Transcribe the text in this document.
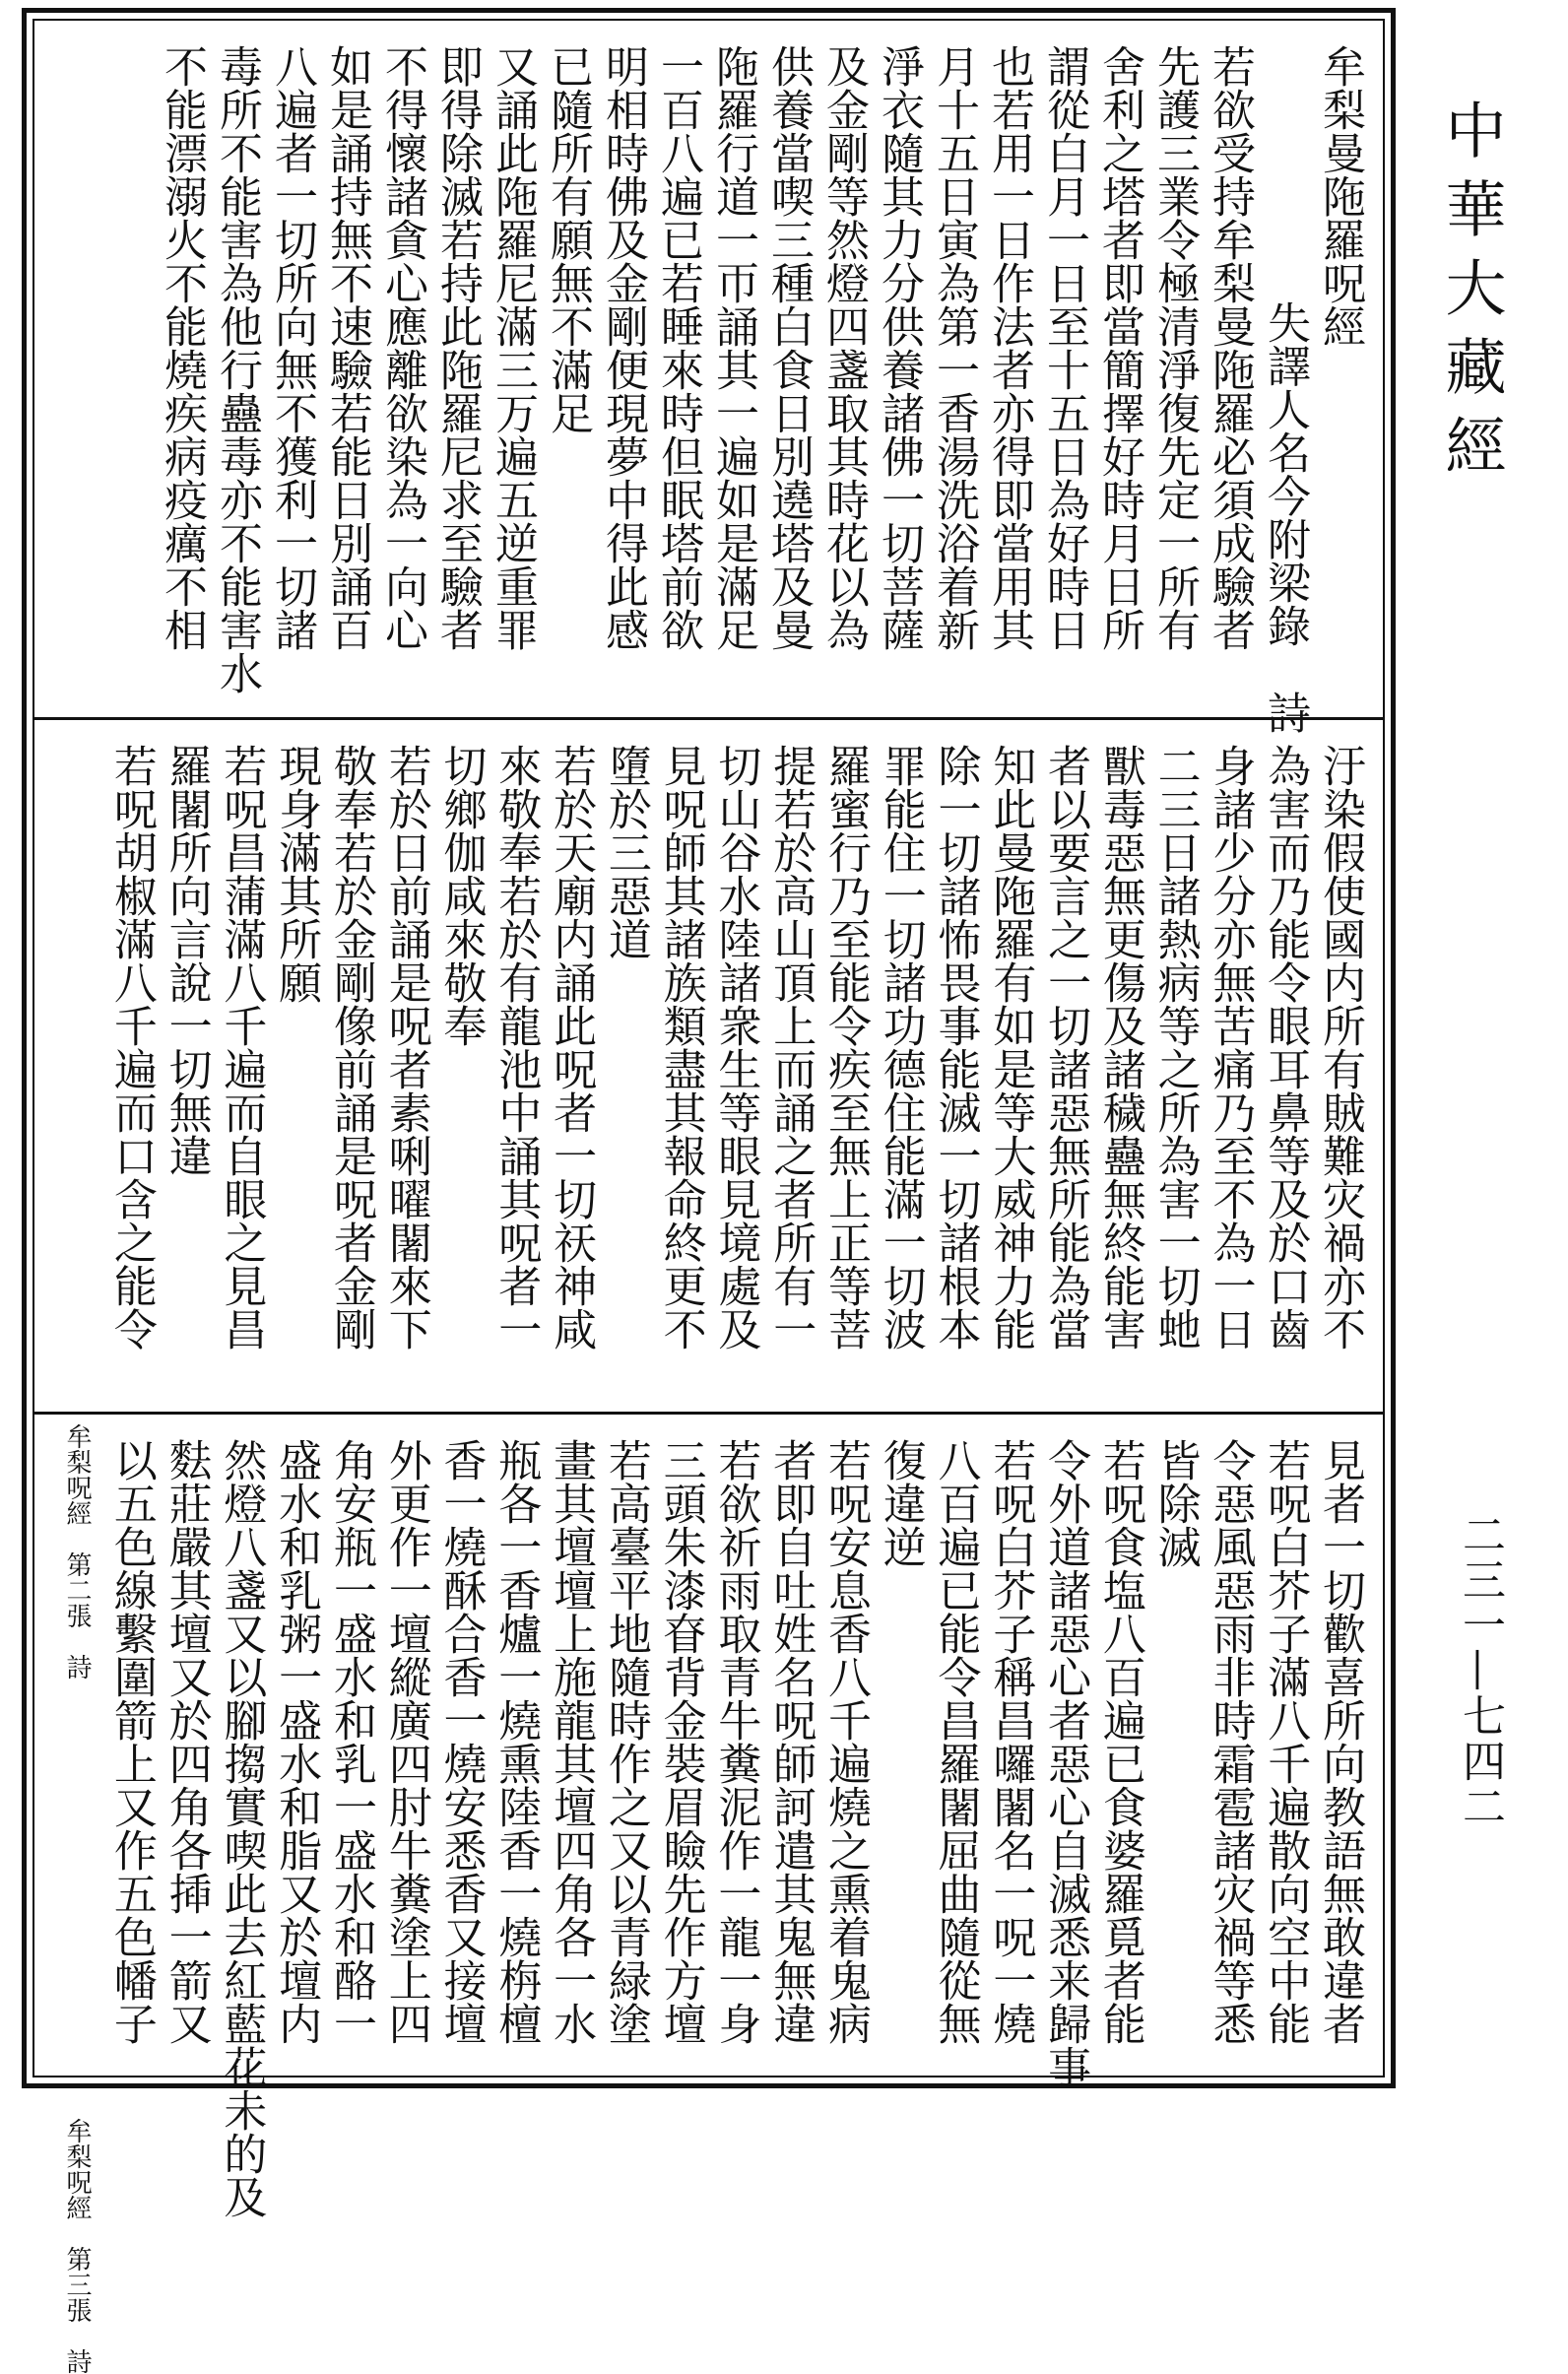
中華大藏經
二三一—七四二
牟梨曼陁羅呪經
失譯人名今附梁錄　詩
若欲受持牟梨曼陁羅必須成驗者
先護三業令極清淨復先定一所有
舍利之塔者即當簡擇好時月日所
謂從白月一日至十五日為好時日
也若用一日作法者亦得即當用其
月十五日寅為第一香湯洗浴着新
淨衣隨其力分供養諸佛一切菩薩
及金剛等然燈四盞取其時花以為
供養當喫三種白食日別遶塔及曼
陁羅行道一帀誦其一遍如是滿足
一百八遍已若睡來時但眠塔前欲
明相時佛及金剛便現夢中得此感
已隨所有願無不滿足
又誦此陁羅尼滿三万遍五逆重罪
即得除滅若持此陁羅尼求至驗者
不得懷諸貪心應離欲染為一向心
如是誦持無不速驗若能日別誦百
八遍者一切所向無不獲利一切諸
毒所不能害為他行蠱毒亦不能害水
不能漂溺火不能燒疾病疫癘不相
汙染假使國内所有賊難灾禍亦不
為害而乃能令眼耳鼻等及於口齒
身諸少分亦無苦痛乃至不為一日
二三日諸熱病等之所為害一切虵
獸毒惡無更傷及諸穢蠱無終能害
者以要言之一切諸惡無所能為當
知此曼陁羅有如是等大威神力能
除一切諸怖畏事能滅一切諸根本
罪能住一切諸功德住能滿一切波
羅蜜行乃至能令疾至無上正等菩
提若於高山頂上而誦之者所有一
切山谷水陸諸衆生等眼見境處及
見呪師其諸族類盡其報命終更不
墮於三惡道
若於天廟内誦此呪者一切祆神咸
來敬奉若於有龍池中誦其呪者一
切鄉伽咸來敬奉
若於日前誦是呪者素唎曜闍來下
敬奉若於金剛像前誦是呪者金剛
現身滿其所願
若呪昌蒲滿八千遍而自眼之見昌
羅闍所向言說一切無違
若呪胡椒滿八千遍而口含之能令
牟梨呪經　第二張　詩	見者一切歡喜所向教語無敢違者
若呪白芥子滿八千遍散向空中能
令惡風惡雨非時霜雹諸灾禍等悉
皆除滅
若呪食塩八百遍已食婆羅覓者能
令外道諸惡心者惡心自滅悉来歸事
若呪白芥子稱昌囉闍名一呪一燒
八百遍已能令昌羅闍屈曲隨從無
復違逆
若呪安息香八千遍燒之熏着鬼病
者即自吐姓名呪師訶遣其鬼無違
若欲祈雨取青牛糞泥作一龍一身
三頭朱漆眘背金裝眉瞼先作方壇
若高臺平地隨時作之又以青緑塗
畫其壇壇上施龍其壇四角各一水
瓶各一香爐一燒熏陸香一燒栴檀
香一燒酥合香一燒安悉香又接壇
外更作一壇縱廣四肘牛糞塗上四
角安瓶一盛水和乳一盛水和酪一
盛水和乳粥一盛水和脂又於壇内
然燈八盞又以腳搊實喫此去紅藍花未的及
麮莊嚴其壇又於四角各揷一箭又
以五色線繫圍箭上又作五色幡子
牟梨呪經　第三張　詩
